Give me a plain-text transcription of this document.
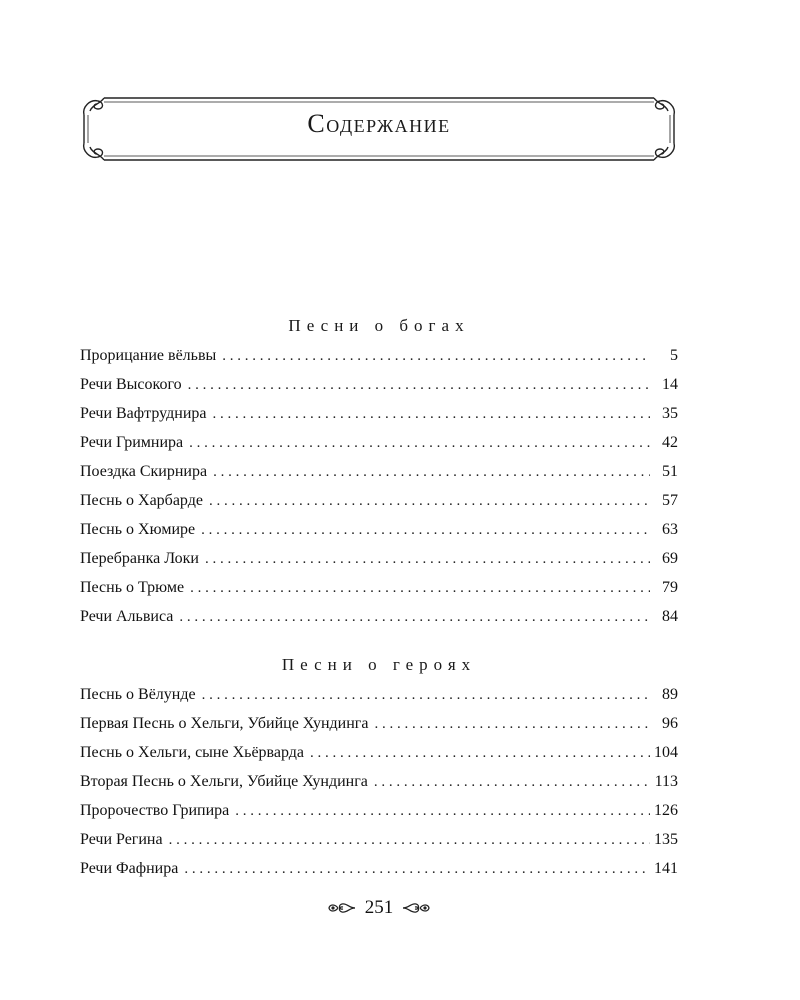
Содержание
Песни о богах
Прорицание вёльвы . . .	5
Речи Высокого . . .	14
Речи Вафтруднира . . .	35
Речи Гримнира . . .	42
Поездка Скирнира . . .	51
Песнь о Харбарде . . .	57
Песнь о Хюмире . . .	63
Перебранка Локи . . .	69
Песнь о Трюме . . .	79
Речи Альвиса . . .	84
Песни о героях
Песнь о Вёлунде . . .	89
Первая Песнь о Хельги, Убийце Хундинга . . .	96
Песнь о Хельги, сыне Хьёрварда . . .	104
Вторая Песнь о Хельги, Убийце Хундинга . . .	113
Пророчество Грипира . . .	126
Речи Регина . . .	135
Речи Фафнира . . .	141
251
